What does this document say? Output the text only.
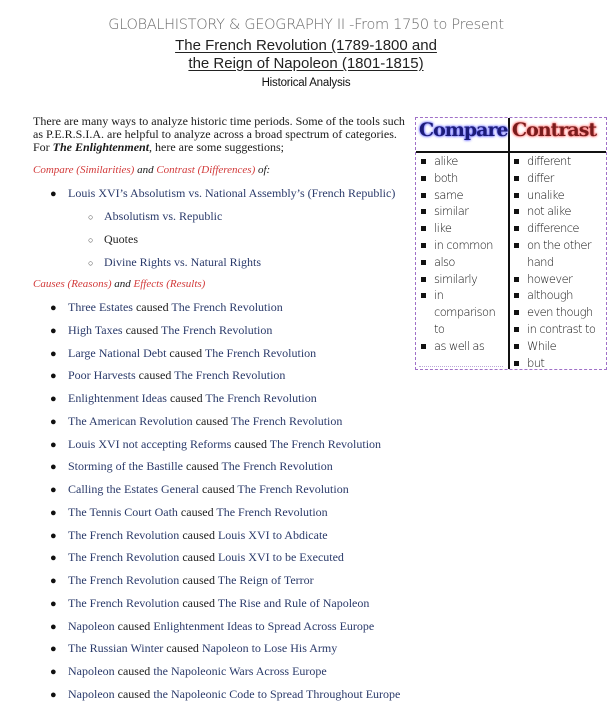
GLOBALHISTORY & GEOGRAPHY II -From 1750 to Present
The French Revolution (1789-1800 and
the Reign of Napoleon (1801-1815)
Historical Analysis
There are many ways to analyze historic time periods. Some of the tools such as P.E.R.S.I.A. are helpful to analyze across a broad spectrum of categories. For The Enlightenment, here are some suggestions;
Compare (Similarities) and Contrast (Differences) of:
● Louis XVI’s Absolutism vs. National Assembly’s (French Republic)
○ Absolutism vs. Republic
○ Quotes
○ Divine Rights vs. Natural Rights
Causes (Reasons) and Effects (Results)
● Three Estates caused The French Revolution
● High Taxes caused The French Revolution
● Large National Debt caused The French Revolution
● Poor Harvests caused The French Revolution
● Enlightenment Ideas caused The French Revolution
● The American Revolution caused The French Revolution
● Louis XVI not accepting Reforms caused The French Revolution
● Storming of the Bastille caused The French Revolution
● Calling the Estates General caused The French Revolution
● The Tennis Court Oath caused The French Revolution
● The French Revolution caused Louis XVI to Abdicate
● The French Revolution caused Louis XVI to be Executed
● The French Revolution caused The Reign of Terror
● The French Revolution caused The Rise and Rule of Napoleon
● Napoleon caused Enlightenment Ideas to Spread Across Europe
● The Russian Winter caused Napoleon to Lose His Army
● Napoleon caused the Napoleonic Wars Across Europe
● Napoleon caused the Napoleonic Code to Spread Throughout Europe
Compare Contrast
alike
both
same
similar
like
in common
also
similarly
in comparison to
as well as
different
differ
unalike
not alike
difference
on the other hand
however
although
even though
in contrast to
While
but
